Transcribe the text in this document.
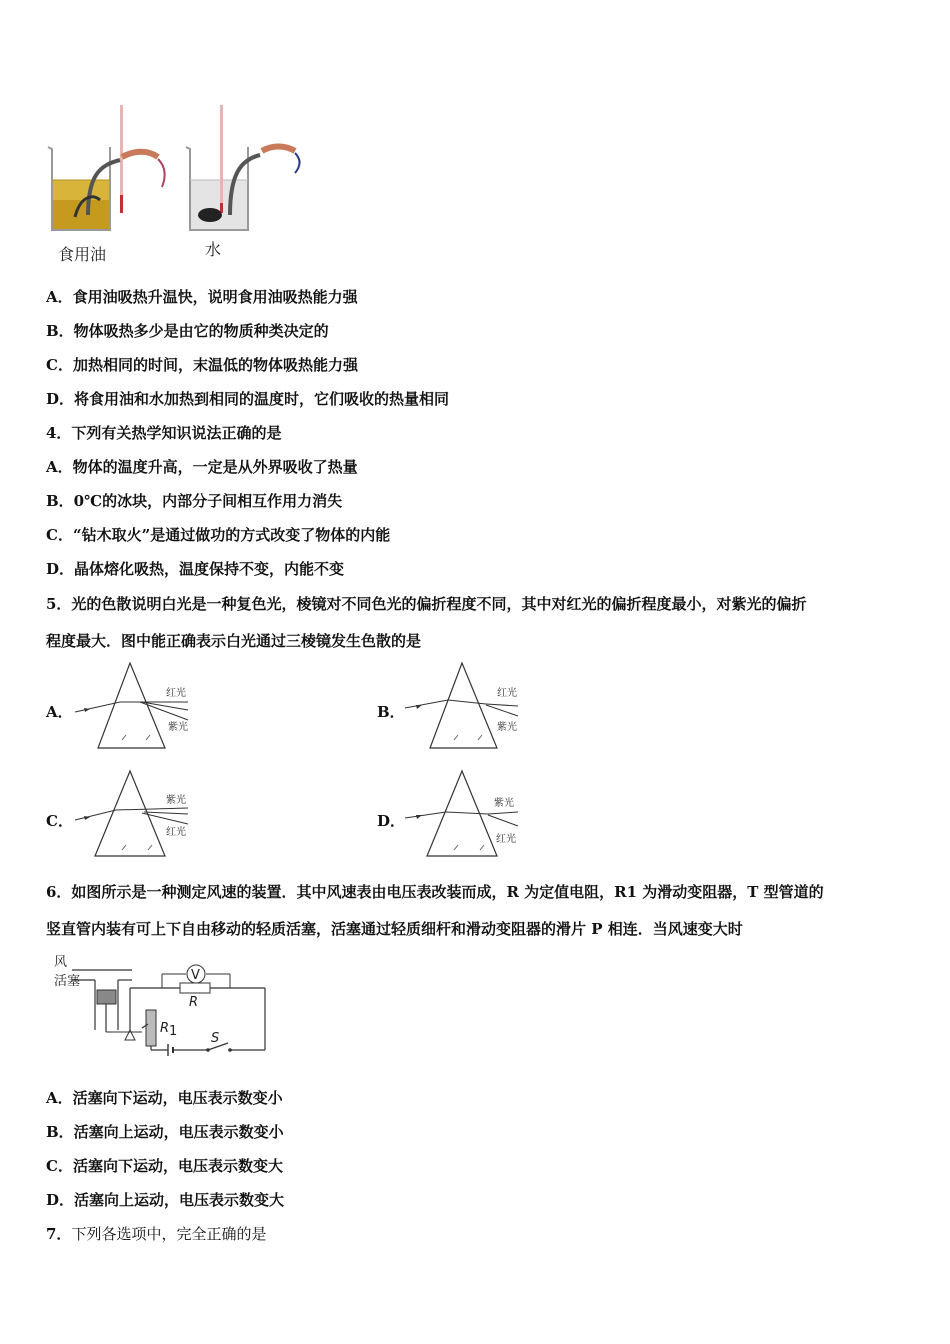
食用油	水
A．食用油吸热升温快，说明食用油吸热能力强
B．物体吸热多少是由它的物质种类决定的
C．加热相同的时间，末温低的物体吸热能力强
D．将食用油和水加热到相同的温度时，它们吸收的热量相同
4．下列有关热学知识说法正确的是
A．物体的温度升高，一定是从外界吸收了热量
B．0℃的冰块，内部分子间相互作用力消失
C．“钻木取火”是通过做功的方式改变了物体的内能
D．晶体熔化吸热，温度保持不变，内能不变
5．光的色散说明白光是一种复色光，棱镜对不同色光的偏折程度不同，其中对红光的偏折程度最小，对紫光的偏折
程度最大．图中能正确表示白光通过三棱镜发生色散的是
A．
红光
紫光
B．
红光
紫光
C．
紫光
红光
D．
紫光
红光
6．如图所示是一种测定风速的装置．其中风速表由电压表改装而成，R 为定值电阻，R1 为滑动变阻器，T 型管道的
竖直管内装有可上下自由移动的轻质活塞，活塞通过轻质细杆和滑动变阻器的滑片 P 相连．当风速变大时
风
活塞
R 1	S
R
V
A．活塞向下运动，电压表示数变小
B．活塞向上运动，电压表示数变小
C．活塞向下运动，电压表示数变大
D．活塞向上运动，电压表示数变大
7．下列各选项中，完全正确的是
